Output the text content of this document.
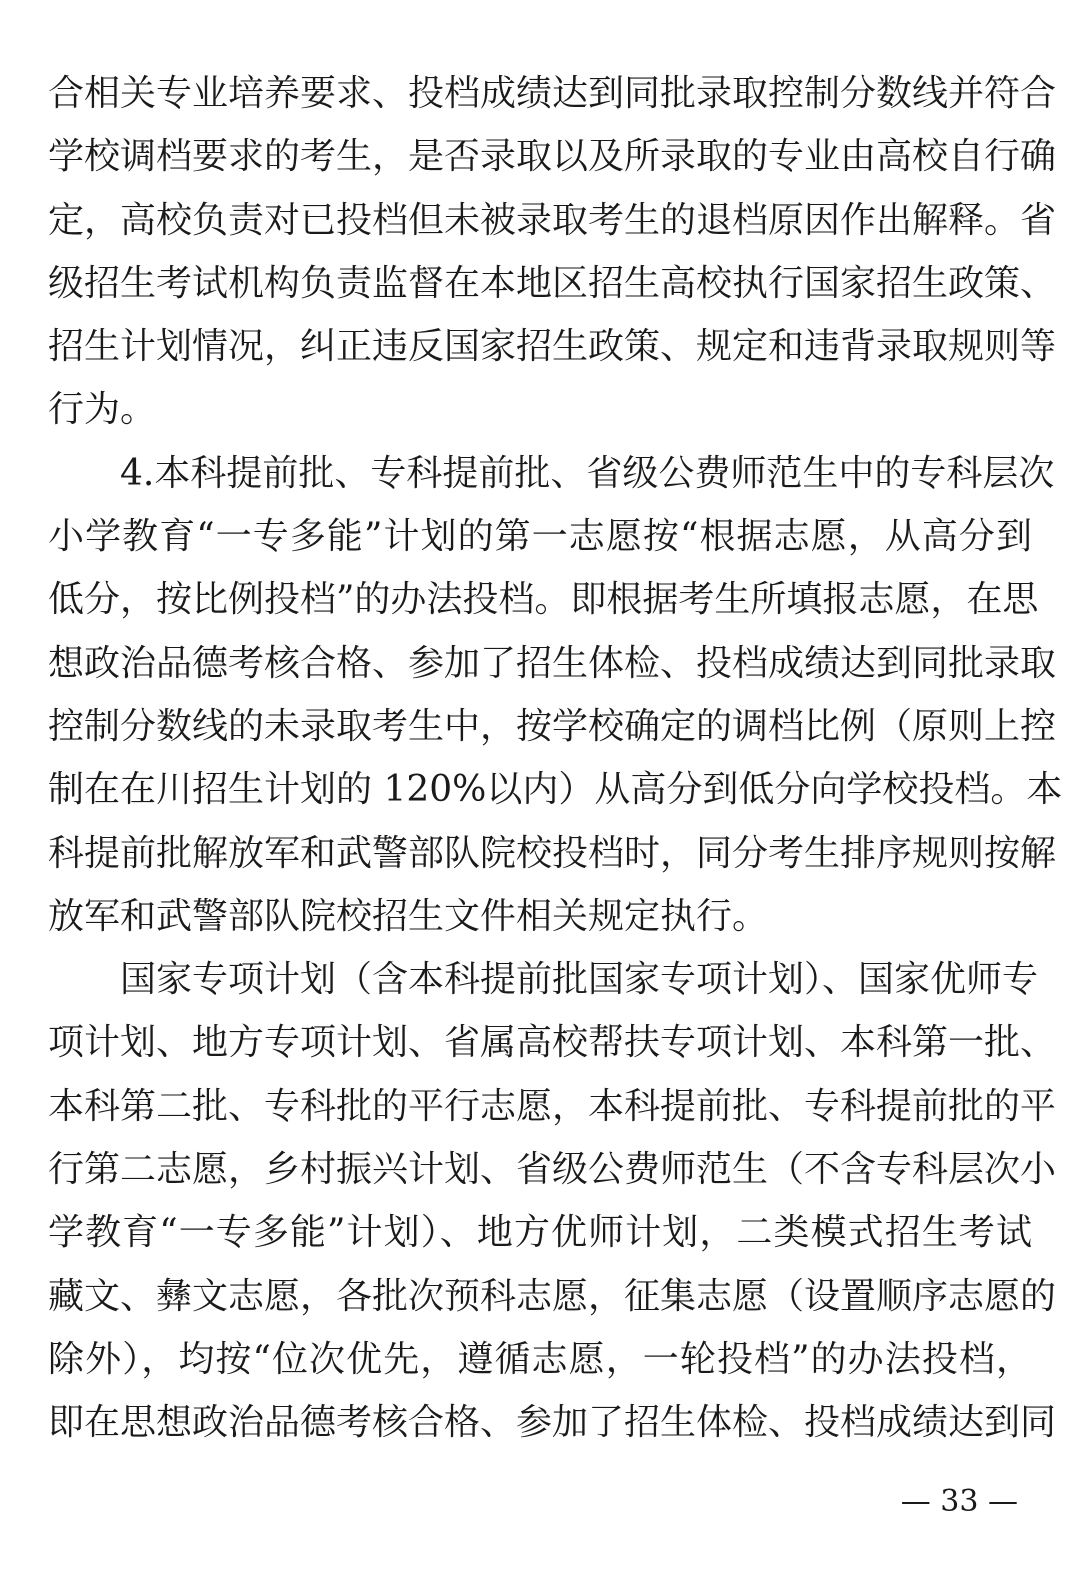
合相关专业培养要求、投档成绩达到同批录取控制分数线并符合
学校调档要求的考生，是否录取以及所录取的专业由高校自行确
定，高校负责对已投档但未被录取考生的退档原因作出解释。省
级招生考试机构负责监督在本地区招生高校执行国家招生政策、
招生计划情况，纠正违反国家招生政策、规定和违背录取规则等
行为。
4.本科提前批、专科提前批、省级公费师范生中的专科层次
小学教育“一专多能”计划的第一志愿按“根据志愿，从高分到
低分，按比例投档”的办法投档。即根据考生所填报志愿，在思
想政治品德考核合格、参加了招生体检、投档成绩达到同批录取
控制分数线的未录取考生中，按学校确定的调档比例（原则上控
制在在川招生计划的 120%以内）从高分到低分向学校投档。本
科提前批解放军和武警部队院校投档时，同分考生排序规则按解
放军和武警部队院校招生文件相关规定执行。
国家专项计划（含本科提前批国家专项计划）、国家优师专
项计划、地方专项计划、省属高校帮扶专项计划、本科第一批、
本科第二批、专科批的平行志愿，本科提前批、专科提前批的平
行第二志愿，乡村振兴计划、省级公费师范生（不含专科层次小
学教育“一专多能”计划）、地方优师计划，二类模式招生考试
藏文、彝文志愿，各批次预科志愿，征集志愿（设置顺序志愿的
除外），均按“位次优先，遵循志愿，一轮投档”的办法投档，
即在思想政治品德考核合格、参加了招生体检、投档成绩达到同
— 33 —
